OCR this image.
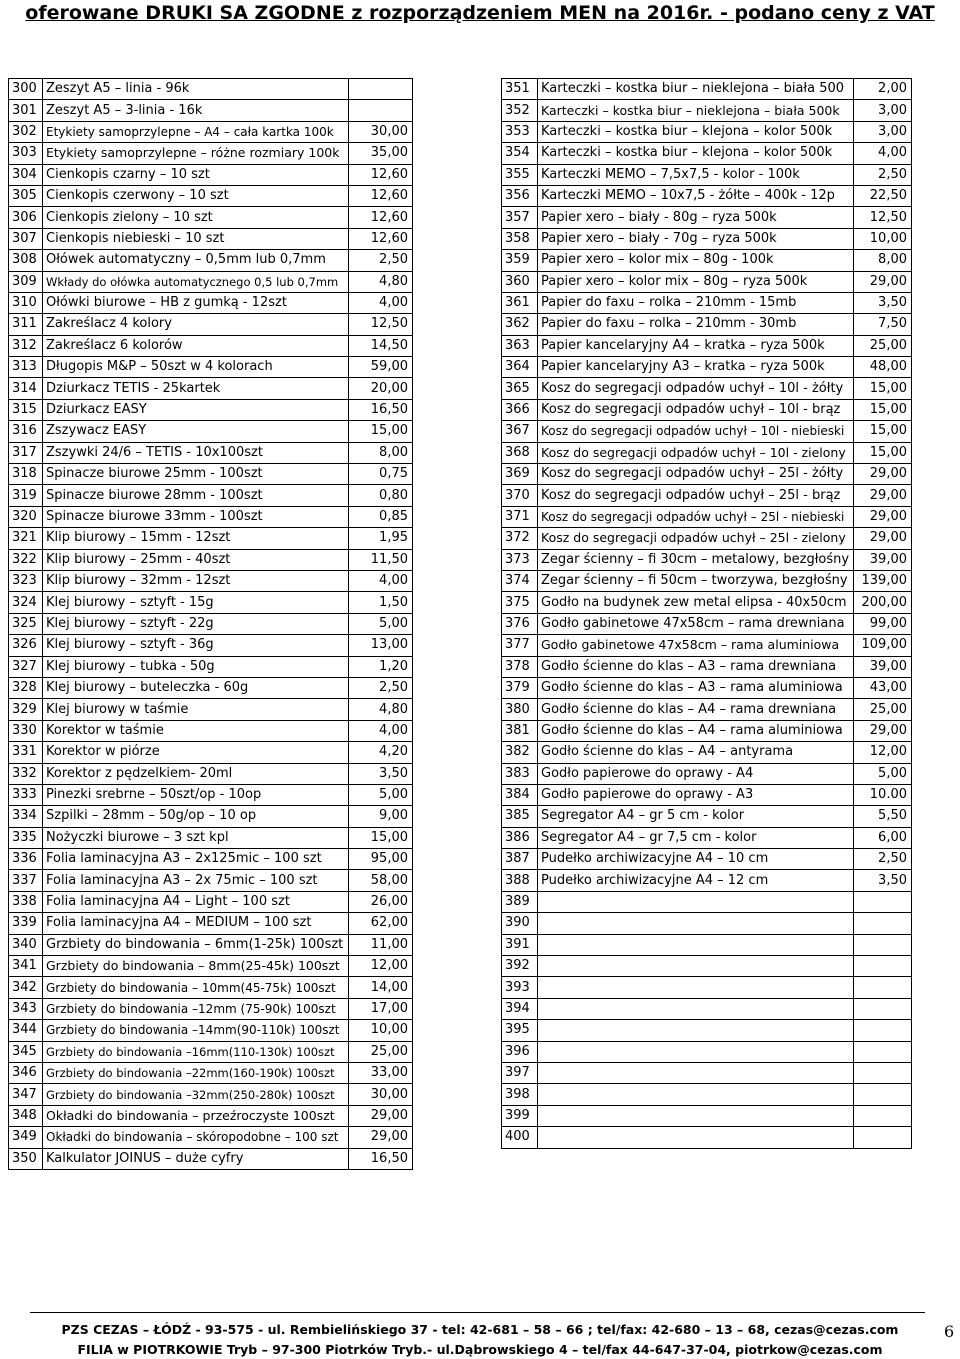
oferowane DRUKI SA ZGODNE z rozporządzeniem MEN na 2016r. - podano ceny z VAT
300	Zeszyt A5 – linia - 96k	
301	Zeszyt A5 – 3-linia - 16k	
302	Etykiety samoprzylepne – A4 – cała kartka 100k	30,00
303	Etykiety samoprzylepne – różne rozmiary 100k	35,00
304	Cienkopis czarny – 10 szt	12,60
305	Cienkopis czerwony – 10 szt	12,60
306	Cienkopis zielony – 10 szt	12,60
307	Cienkopis niebieski – 10 szt	12,60
308	Ołówek automatyczny – 0,5mm lub 0,7mm	2,50
309	Wkłady do ołówka automatycznego 0,5 lub 0,7mm	4,80
310	Ołówki biurowe – HB z gumką - 12szt	4,00
311	Zakreślacz 4 kolory	12,50
312	Zakreślacz 6 kolorów	14,50
313	Długopis M&P – 50szt w 4 kolorach	59,00
314	Dziurkacz TETIS - 25kartek	20,00
315	Dziurkacz EASY	16,50
316	Zszywacz EASY	15,00
317	Zszywki 24/6 – TETIS - 10x100szt	8,00
318	Spinacze biurowe 25mm - 100szt	0,75
319	Spinacze biurowe 28mm - 100szt	0,80
320	Spinacze biurowe 33mm - 100szt	0,85
321	Klip biurowy – 15mm - 12szt	1,95
322	Klip biurowy – 25mm - 40szt	11,50
323	Klip biurowy – 32mm - 12szt	4,00
324	Klej biurowy – sztyft - 15g	1,50
325	Klej biurowy – sztyft - 22g	5,00
326	Klej biurowy – sztyft - 36g	13,00
327	Klej biurowy – tubka - 50g	1,20
328	Klej biurowy – buteleczka - 60g	2,50
329	Klej biurowy w taśmie	4,80
330	Korektor w taśmie	4,00
331	Korektor w piórze	4,20
332	Korektor z pędzelkiem- 20ml	3,50
333	Pinezki srebrne – 50szt/op - 10op	5,00
334	Szpilki – 28mm – 50g/op – 10 op	9,00
335	Nożyczki biurowe – 3 szt kpl	15,00
336	Folia laminacyjna A3 – 2x125mic – 100 szt	95,00
337	Folia laminacyjna A3 – 2x 75mic – 100 szt	58,00
338	Folia laminacyjna A4 – Light – 100 szt	26,00
339	Folia laminacyjna A4 – MEDIUM – 100 szt	62,00
340	Grzbiety do bindowania – 6mm(1-25k) 100szt	11,00
341	Grzbiety do bindowania – 8mm(25-45k) 100szt	12,00
342	Grzbiety do bindowania – 10mm(45-75k) 100szt	14,00
343	Grzbiety do bindowania –12mm (75-90k) 100szt	17,00
344	Grzbiety do bindowania –14mm(90-110k) 100szt	10,00
345	Grzbiety do bindowania –16mm(110-130k) 100szt	25,00
346	Grzbiety do bindowania –22mm(160-190k) 100szt	33,00
347	Grzbiety do bindowania –32mm(250-280k) 100szt	30,00
348	Okładki do bindowania – przeźroczyste 100szt	29,00
349	Okładki do bindowania – skóropodobne – 100 szt	29,00
350	Kalkulator JOINUS – duże cyfry	16,50
351	Karteczki – kostka biur – nieklejona – biała 500	2,00
352	Karteczki – kostka biur – nieklejona – biała 500k	3,00
353	Karteczki – kostka biur – klejona – kolor 500k	3,00
354	Karteczki – kostka biur – klejona – kolor 500k	4,00
355	Karteczki MEMO – 7,5x7,5 - kolor - 100k	2,50
356	Karteczki MEMO – 10x7,5 - żółte – 400k - 12p	22,50
357	Papier xero – biały - 80g – ryza 500k	12,50
358	Papier xero – biały - 70g – ryza 500k	10,00
359	Papier xero – kolor mix – 80g - 100k	8,00
360	Papier xero – kolor mix – 80g – ryza 500k	29,00
361	Papier do faxu – rolka – 210mm - 15mb	3,50
362	Papier do faxu – rolka – 210mm - 30mb	7,50
363	Papier kancelaryjny A4 – kratka – ryza 500k	25,00
364	Papier kancelaryjny A3 – kratka – ryza 500k	48,00
365	Kosz do segregacji odpadów uchył – 10l - żółty	15,00
366	Kosz do segregacji odpadów uchył – 10l - brąz	15,00
367	Kosz do segregacji odpadów uchył – 10l - niebieski	15,00
368	Kosz do segregacji odpadów uchył – 10l - zielony	15,00
369	Kosz do segregacji odpadów uchył – 25l - żółty	29,00
370	Kosz do segregacji odpadów uchył – 25l - brąz	29,00
371	Kosz do segregacji odpadów uchył – 25l - niebieski	29,00
372	Kosz do segregacji odpadów uchył – 25l - zielony	29,00
373	Zegar ścienny – fi 30cm – metalowy, bezgłośny	39,00
374	Zegar ścienny – fi 50cm – tworzywa, bezgłośny	139,00
375	Godło na budynek zew metal elipsa - 40x50cm	200,00
376	Godło gabinetowe 47x58cm – rama drewniana	99,00
377	Godło gabinetowe 47x58cm – rama aluminiowa	109,00
378	Godło ścienne do klas – A3 – rama drewniana	39,00
379	Godło ścienne do klas – A3 – rama aluminiowa	43,00
380	Godło ścienne do klas – A4 – rama drewniana	25,00
381	Godło ścienne do klas – A4 – rama aluminiowa	29,00
382	Godło ścienne do klas – A4 – antyrama	12,00
383	Godło papierowe do oprawy - A4	5,00
384	Godło papierowe do oprawy - A3	10.00
385	Segregator A4 – gr 5 cm - kolor	5,50
386	Segregator A4 – gr 7,5 cm - kolor	6,00
387	Pudełko archiwizacyjne A4 – 10 cm	2,50
388	Pudełko archiwizacyjne A4 – 12 cm	3,50
389		
390		
391		
392		
393		
394		
395		
396		
397		
398		
399		
400		
PZS CEZAS – ŁÓDŹ - 93-575 - ul. Rembielińskiego 37 - tel: 42-681 – 58 – 66 ; tel/fax: 42-680 – 13 – 68, cezas@cezas.com
FILIA w PIOTRKOWIE Tryb – 97-300 Piotrków Tryb.- ul.Dąbrowskiego 4 – tel/fax 44-647-37-04, piotrkow@cezas.com
6
